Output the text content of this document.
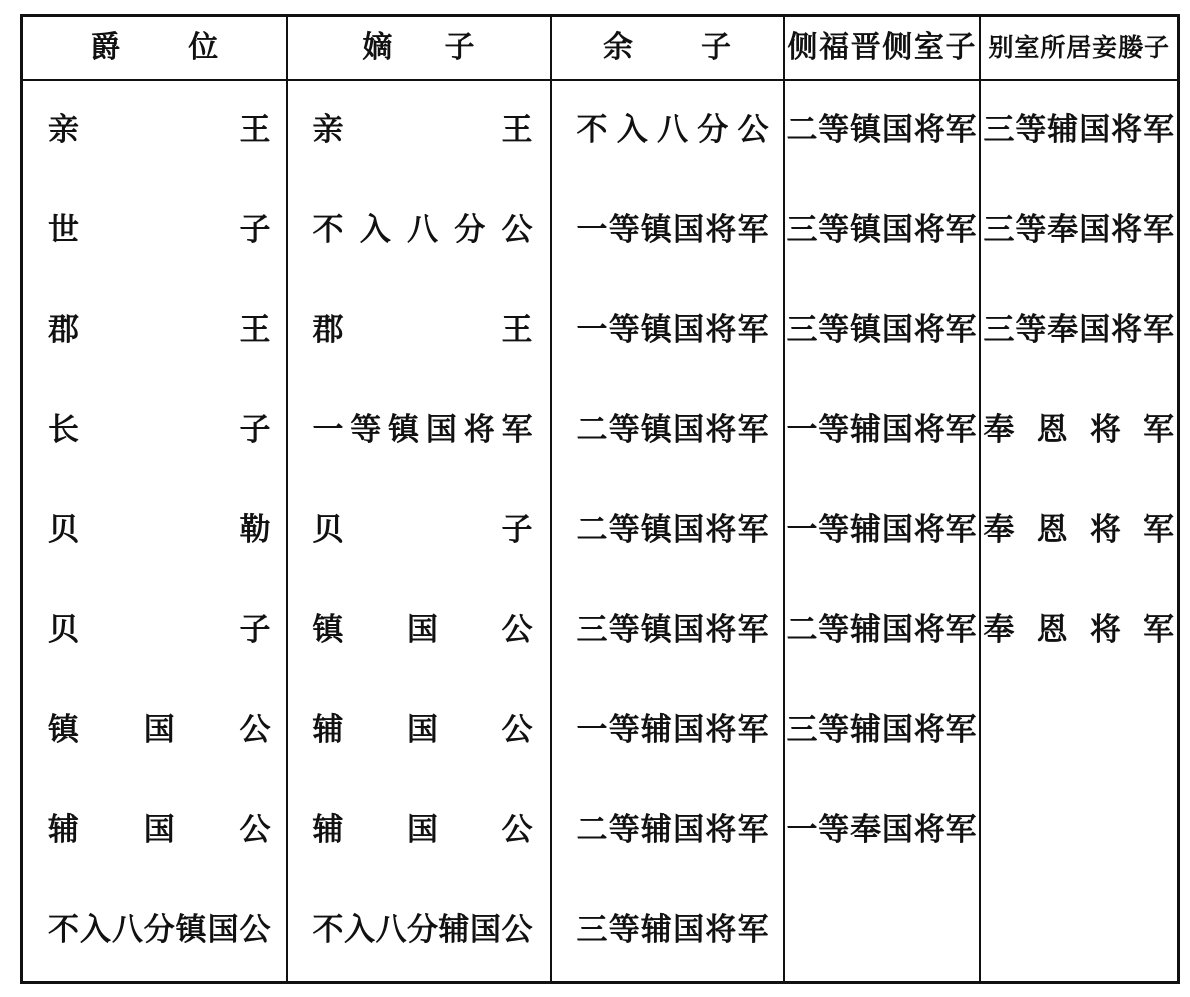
爵位	嫡子	余子	侧福晋侧室子	别室所居妾媵子

亲王	亲王	不入八分公	二等镇国将军	三等辅国将军

世子	不入八分公	一等镇国将军	三等镇国将军	三等奉国将军

郡王	郡王	一等镇国将军	三等镇国将军	三等奉国将军

长子	一等镇国将军	二等镇国将军	一等辅国将军	奉恩将军

贝勒	贝子	二等镇国将军	一等辅国将军	奉恩将军

贝子	镇国公	三等镇国将军	二等辅国将军	奉恩将军

镇国公	辅国公	一等辅国将军	三等辅国将军	

辅国公	辅国公	二等辅国将军	一等奉国将军	

不入八分镇国公	不入八分辅国公	三等辅国将军		
